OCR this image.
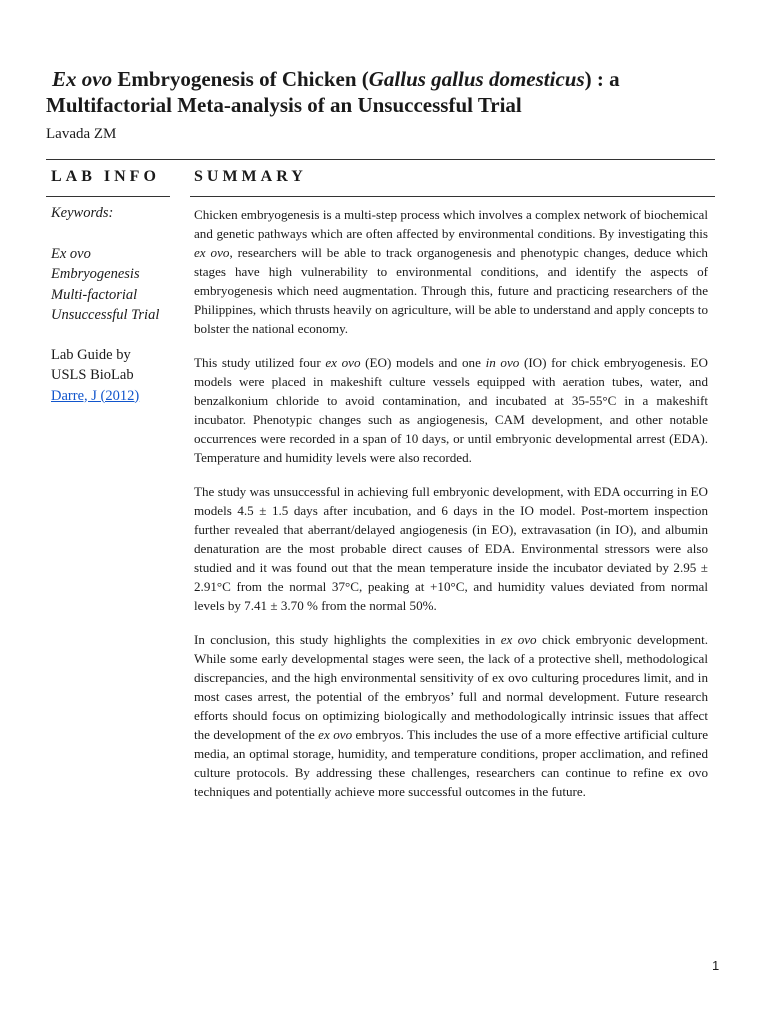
Ex ovo Embryogenesis of Chicken (Gallus gallus domesticus) : a
Multifactorial Meta-analysis of an Unsuccessful Trial

Lavada ZM

LAB INFO SUMMARY
Keywords:
Ex ovo
Embryogenesis
Multi-factorial
Unsuccessful Trial
Lab Guide by
USLS BioLab
Darre, J (2012)

Chicken embryogenesis is a multi-step process which involves a complex network of biochemical and genetic pathways which are often affected by environmental conditions. By investigating this ex ovo, researchers will be able to track organogenesis and phenotypic changes, deduce which stages have high vulnerability to environmental conditions, and identify the aspects of embryogenesis which need augmentation. Through this, future and practicing researchers of the Philippines, which thrusts heavily on agriculture, will be able to understand and apply concepts to bolster the national economy.

This study utilized four ex ovo (EO) models and one in ovo (IO) for chick embryogenesis. EO models were placed in makeshift culture vessels equipped with aeration tubes, water, and benzalkonium chloride to avoid contamination, and incubated at 35-55°C in a makeshift incubator. Phenotypic changes such as angiogenesis, CAM development, and other notable occurrences were recorded in a span of 10 days, or until embryonic developmental arrest (EDA). Temperature and humidity levels were also recorded.

The study was unsuccessful in achieving full embryonic development, with EDA occurring in EO models 4.5 ± 1.5 days after incubation, and 6 days in the IO model. Post-mortem inspection further revealed that aberrant/delayed angiogenesis (in EO), extravasation (in IO), and albumin denaturation are the most probable direct causes of EDA. Environmental stressors were also studied and it was found out that the mean temperature inside the incubator deviated by 2.95 ± 2.91°C from the normal 37°C, peaking at +10°C, and humidity values deviated from normal levels by 7.41 ± 3.70 % from the normal 50%.

In conclusion, this study highlights the complexities in ex ovo chick embryonic development. While some early developmental stages were seen, the lack of a protective shell, methodological discrepancies, and the high environmental sensitivity of ex ovo culturing procedures limit, and in most cases arrest, the potential of the embryos’ full and normal development. Future research efforts should focus on optimizing biologically and methodologically intrinsic issues that affect the development of the ex ovo embryos. This includes the use of a more effective artificial culture media, an optimal storage, humidity, and temperature conditions, proper acclimation, and refined culture protocols. By addressing these challenges, researchers can continue to refine ex ovo techniques and potentially achieve more successful outcomes in the future.

1
